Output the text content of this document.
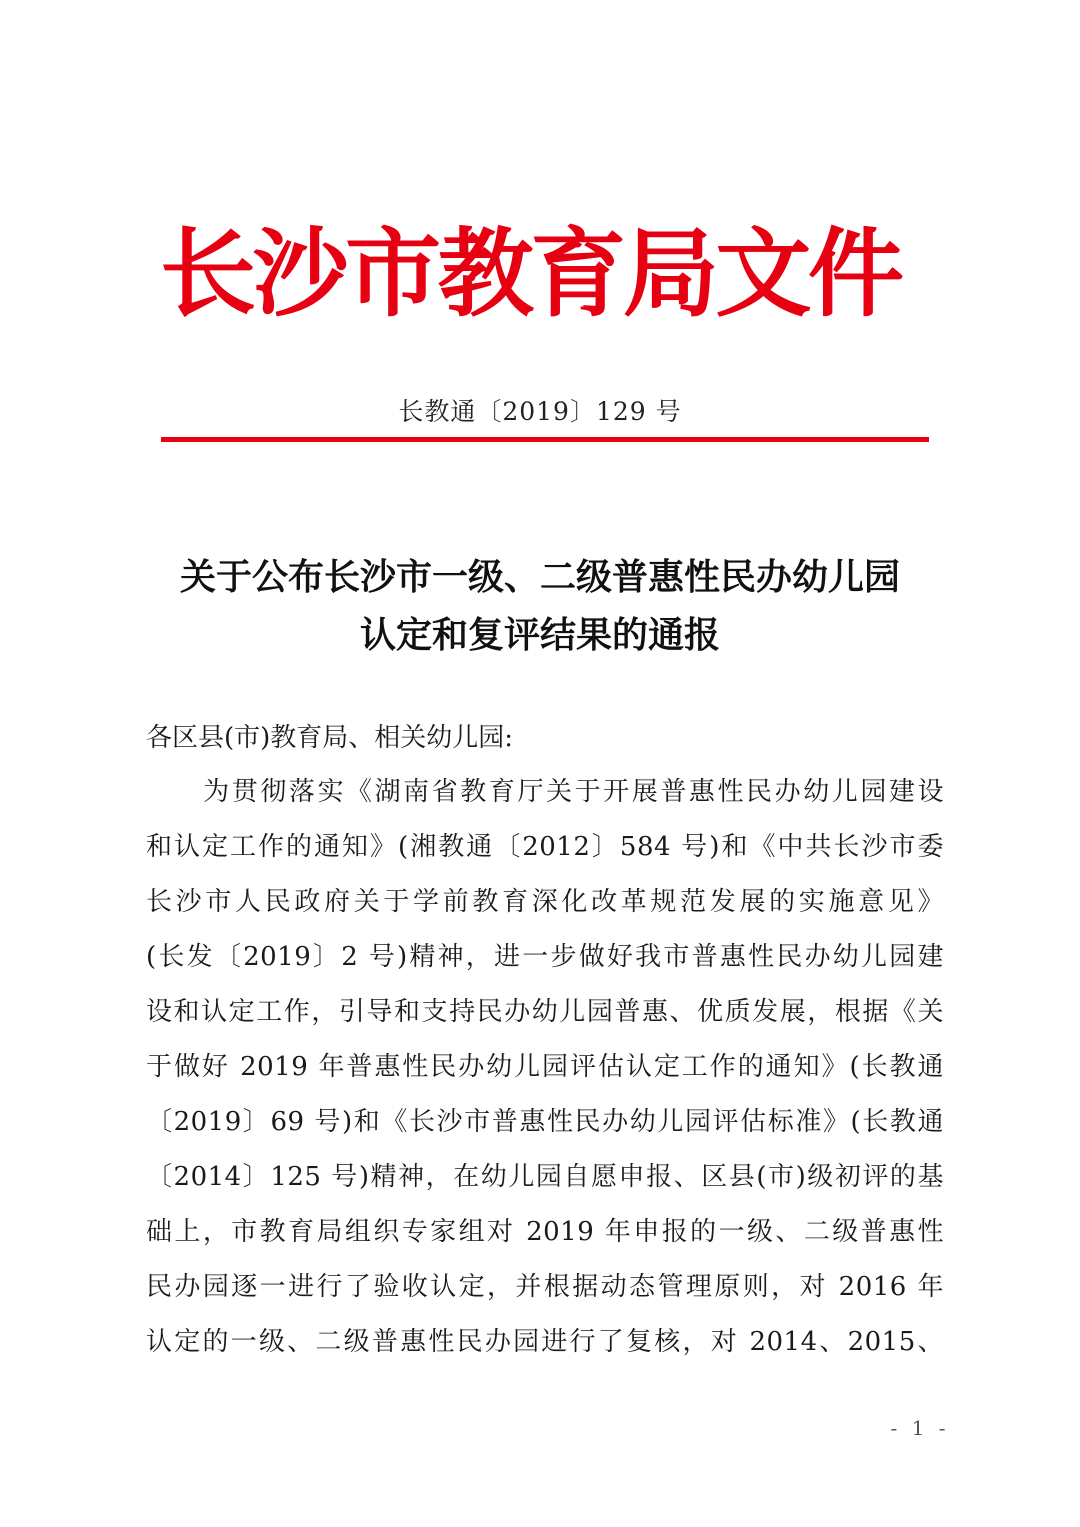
长
沙
市
教
育
局
文
件
长教通〔2019〕129 号
关于公布长沙市一级、二级普惠性民办幼儿园
认定和复评结果的通报
各区县(市)教育局、相关幼儿园:
　　为贯彻落实《湖南省教育厅关于开展普惠性民办幼儿园建设
和认定工作的通知》(湘教通〔2012〕584 号)和《中共长沙市委
长沙市人民政府关于学前教育深化改革规范发展的实施意见》
(长发〔2019〕2 号)精神，进一步做好我市普惠性民办幼儿园建
设和认定工作，引导和支持民办幼儿园普惠、优质发展，根据《关
于做好 2019 年普惠性民办幼儿园评估认定工作的通知》(长教通
〔2019〕69 号)和《长沙市普惠性民办幼儿园评估标准》(长教通
〔2014〕125 号)精神，在幼儿园自愿申报、区县(市)级初评的基
础上，市教育局组织专家组对 2019 年申报的一级、二级普惠性
民办园逐一进行了验收认定，并根据动态管理原则，对 2016 年
认定的一级、二级普惠性民办园进行了复核，对 2014、2015、
- 1 -
